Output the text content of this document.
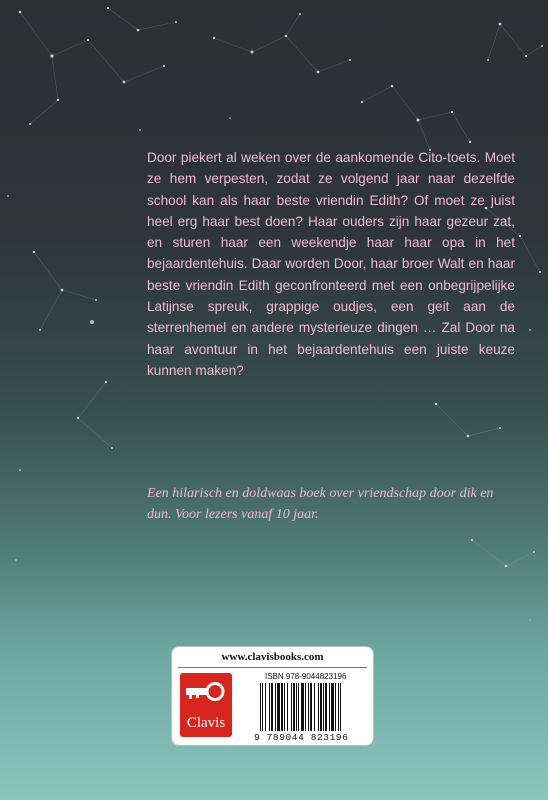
Door piekert al weken over de aankomende Cito-toets. Moet ze hem verpesten, zodat ze volgend jaar naar dezelfde school kan als haar beste vriendin Edith? Of moet ze juist heel erg haar best doen? Haar ouders zijn haar gezeur zat, en sturen haar een weekendje haar haar opa in het bejaardentehuis. Daar worden Door, haar broer Walt en haar beste vriendin Edith geconfronteerd met een onbegrijpelijke Latijnse spreuk, grappige oudjes, een geit aan de sterrenhemel en andere mysterieuze dingen … Zal Door na haar avontuur in het bejaardentehuis een juiste keuze kunnen maken?

Een hilarisch en doldwaas boek over vriendschap door dik en dun. Voor lezers vanaf 10 jaar.

www.clavisbooks.com
Clavis
ISBN 978-9044823196
9 789044 823196
